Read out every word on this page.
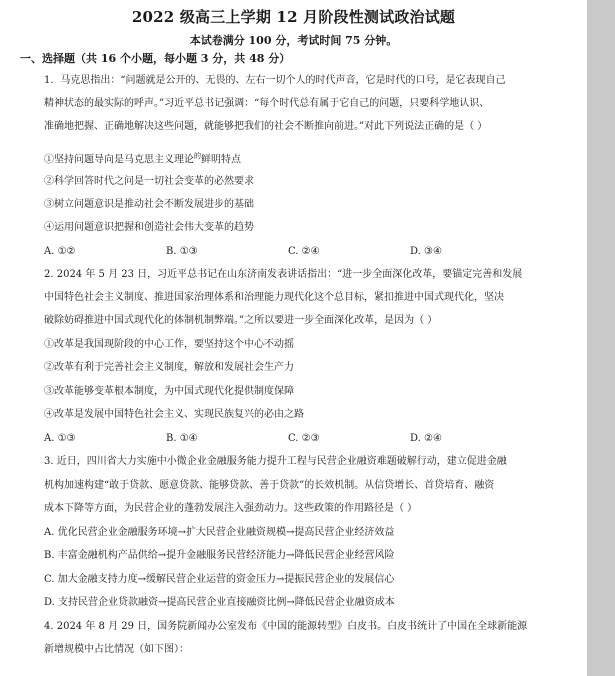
2022 级高三上学期 12 月阶段性测试政治试题
本试卷满分 100 分，考试时间 75 分钟。
一、选择题（共 16 个小题，每小题 3 分，共 48 分）
1．马克思指出：“问题就是公开的、无畏的、左右一切个人的时代声音，它是时代的口号，是它表现自己
精神状态的最实际的呼声。”习近平总书记强调：“每个时代总有属于它自己的问题，只要科学地认识、
准确地把握、正确地解决这些问题，就能够把我们的社会不断推向前进。”对此下列说法正确的是（ ）
①坚持问题导向是马克思主义理论$^的$鲜明特点
②科学回答时代之问是一切社会变革的必然要求
③树立问题意识是推动社会不断发展进步的基础
④运用问题意识把握和创造社会伟大变革的趋势
A. ①②	B. ①③	C. ②④	D. ③④
2. 2024 年 5 月 23 日，习近平总书记在山东济南发表讲话指出：“进一步全面深化改革，要锚定完善和发展
中国特色社会主义制度、推进国家治理体系和治理能力现代化这个总目标，紧扣推进中国式现代化，坚决
破除妨碍推进中国式现代化的体制机制弊端。”之所以要进一步全面深化改革，是因为（ ）
①改革是我国现阶段的中心工作，要坚持这个中心不动摇
②改革有利于完善社会主义制度，解放和发展社会生产力
③改革能够变革根本制度，为中国式现代化提供制度保障
④改革是发展中国特色社会主义、实现民族复兴的必由之路
A. ①③	B. ①④	C. ②③	D. ②④
3. 近日，四川省大力实施中小微企业金融服务能力提升工程与民营企业融资难题破解行动，建立促进金融
机构加速构建“敢于贷款、愿意贷款、能够贷款、善于贷款”的长效机制。从信贷增长、首贷培育、融资
成本下降等方面，为民营企业的蓬勃发展注入强劲动力。这些政策的作用路径是（ ）
A. 优化民营企业金融服务环境→扩大民营企业融资规模→提高民营企业经济效益
B. 丰富金融机构产品供给→提升金融服务民营经济能力→降低民营企业经营风险
C. 加大金融支持力度→缓解民营企业运营的资金压力→提振民营企业的发展信心
D. 支持民营企业贷款融资→提高民营企业直接融资比例→降低民营企业融资成本
4. 2024 年 8 月 29 日，国务院新闻办公室发布《中国的能源转型》白皮书。白皮书统计了中国在全球新能源
新增规模中占比情况（如下图）：
